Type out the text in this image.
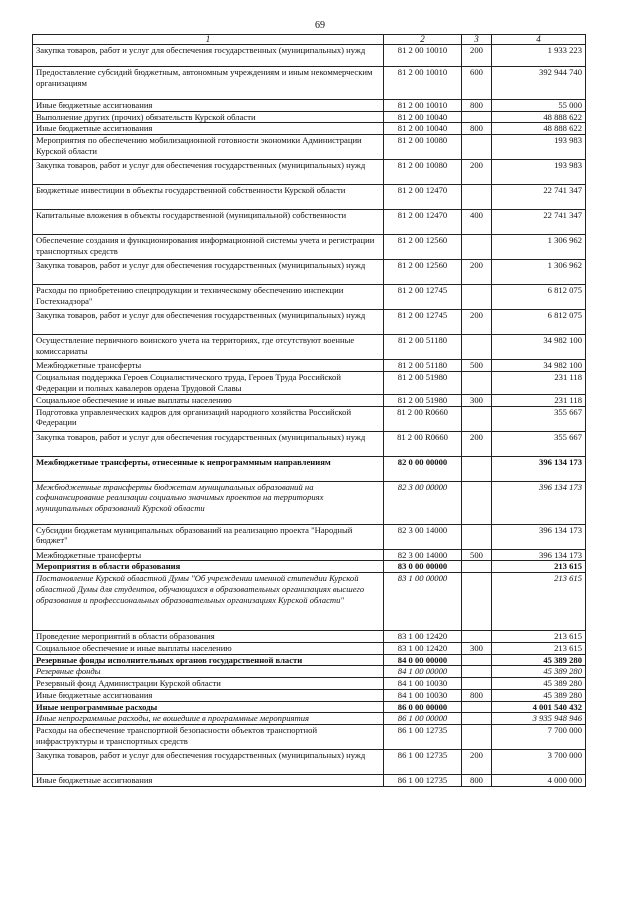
69
1	2	3	4
Закупка товаров, работ и услуг для обеспечения государственных (муниципальных) нужд	81 2 00 10010	200	1 933 223
Предоставление субсидий бюджетным, автономным учреждениям и иным некоммерческим организациям	81 2 00 10010	600	392 944 740
Иные бюджетные ассигнования	81 2 00 10010	800	55 000
Выполнение других (прочих) обязательств Курской области	81 2 00 10040		48 888 622
Иные бюджетные ассигнования	81 2 00 10040	800	48 888 622
Мероприятия по обеспечению мобилизационной готовности экономики Администрации Курской области	81 2 00 10080		193 983
Закупка товаров, работ и услуг для обеспечения государственных (муниципальных) нужд	81 2 00 10080	200	193 983
Бюджетные инвестиции в объекты государственной собственности Курской области	81 2 00 12470		22 741 347
Капитальные вложения в объекты государственной (муниципальной) собственности	81 2 00 12470	400	22 741 347
Обеспечение создания и функционирования информационной системы учета и регистрации транспортных средств	81 2 00 12560		1 306 962
Закупка товаров, работ и услуг для обеспечения государственных (муниципальных) нужд	81 2 00 12560	200	1 306 962
Расходы по приобретению спецпродукции и техническому обеспечению инспекции Гостехнадзора"	81 2 00 12745		6 812 075
Закупка товаров, работ и услуг для обеспечения государственных (муниципальных) нужд	81 2 00 12745	200	6 812 075
Осуществление первичного воинского учета на территориях, где отсутствуют военные комиссариаты	81 2 00 51180		34 982 100
Межбюджетные трансферты	81 2 00 51180	500	34 982 100
Социальная поддержка Героев Социалистического труда, Героев Труда Российской Федерации и полных кавалеров ордена Трудовой Славы	81 2 00 51980		231 118
Социальное обеспечение и иные выплаты населению	81 2 00 51980	300	231 118
Подготовка управленческих кадров для организаций народного хозяйства Российской Федерации	81 2 00 R0660		355 667
Закупка товаров, работ и услуг для обеспечения государственных (муниципальных) нужд	81 2 00 R0660	200	355 667
Межбюджетные трансферты, отнесенные к непрограммным направлениям	82 0 00 00000		396 134 173
Межбюджетные трансферты бюджетам муниципальных образований на софинансирование реализации социально значимых проектов на территориях муниципальных образований Курской области	82 3 00 00000		396 134 173
Субсидии бюджетам муниципальных образований на реализацию проекта "Народный бюджет"	82 3 00 14000		396 134 173
Межбюджетные трансферты	82 3 00 14000	500	396 134 173
Мероприятия в области образования	83 0 00 00000		213 615
Постановление Курской областной Думы "Об учреждении именной стипендии Курской областной Думы для студентов, обучающихся в образовательных организациях высшего образования и профессиональных образовательных организациях Курской области"	83 1 00 00000		213 615
Проведение мероприятий в области образования	83 1 00 12420		213 615
Социальное обеспечение и иные выплаты населению	83 1 00 12420	300	213 615
Резервные фонды исполнительных органов государственной власти	84 0 00 00000		45 389 280
Резервные фонды	84 1 00 00000		45 389 280
Резервный фонд Администрации Курской области	84 1 00 10030		45 389 280
Иные бюджетные ассигнования	84 1 00 10030	800	45 389 280
Иные непрограммные расходы	86 0 00 00000		4 001 540 432
Иные непрограммные расходы, не вошедшие в программные мероприятия	86 1 00 00000		3 935 948 946
Расходы на обеспечение транспортной безопасности объектов транспортной инфраструктуры и транспортных средств	86 1 00 12735		7 700 000
Закупка товаров, работ и услуг для обеспечения государственных (муниципальных) нужд	86 1 00 12735	200	3 700 000
Иные бюджетные ассигнования	86 1 00 12735	800	4 000 000
